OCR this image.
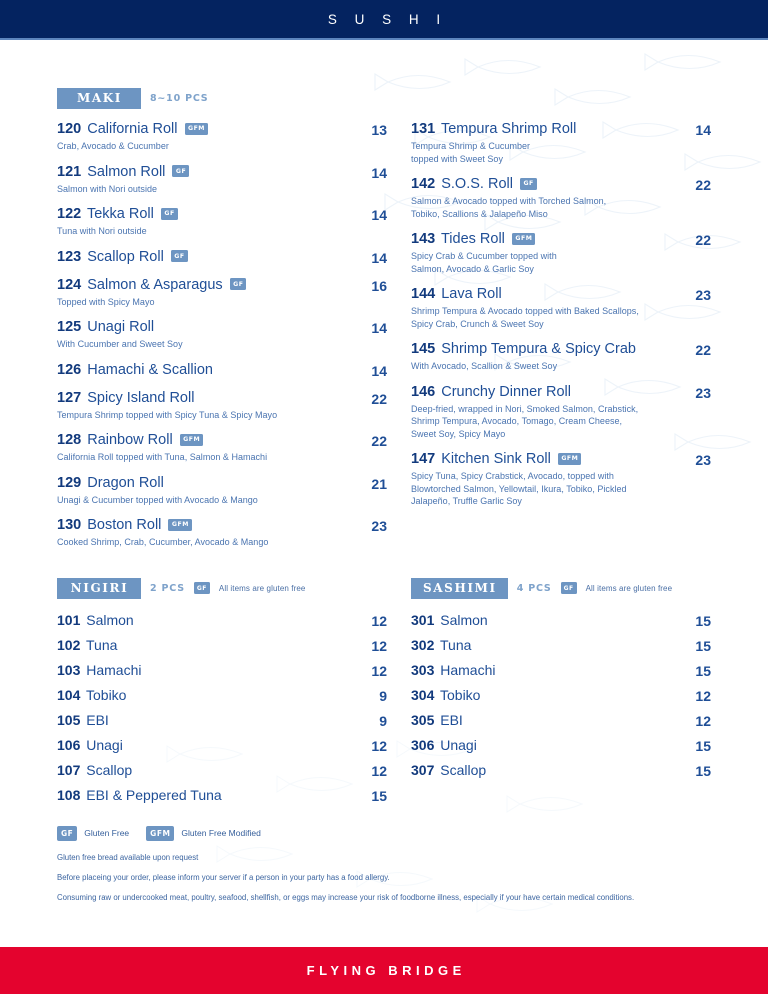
S U S H I
MAKI	8~10 PCS
120 California Roll GFM
Crab, Avocado & Cucumber
13
121 Salmon Roll GF
Salmon with Nori outside
14
122 Tekka Roll GF
Tuna with Nori outside
14
123 Scallop Roll GF	14
124 Salmon & Asparagus GF
Topped with Spicy Mayo
16
125 Unagi Roll
With Cucumber and Sweet Soy
14
126 Hamachi & Scallion	14
127 Spicy Island Roll
Tempura Shrimp topped with Spicy Tuna & Spicy Mayo
22
128 Rainbow Roll GFM
California Roll topped with Tuna, Salmon & Hamachi
22
129 Dragon Roll
Unagi & Cucumber topped with Avocado & Mango
21
130 Boston Roll GFM
Cooked Shrimp, Crab, Cucumber, Avocado & Mango
23
131 Tempura Shrimp Roll
Tempura Shrimp & Cucumber
topped with Sweet Soy
14
142 S.O.S. Roll GF
Salmon & Avocado topped with Torched Salmon,
Tobiko, Scallions & Jalapeño Miso
22
143 Tides Roll GFM
Spicy Crab & Cucumber topped with
Salmon, Avocado & Garlic Soy
22
144 Lava Roll
Shrimp Tempura & Avocado topped with Baked Scallops,
Spicy Crab, Crunch & Sweet Soy
23
145 Shrimp Tempura & Spicy Crab
With Avocado, Scallion & Sweet Soy
22
146 Crunchy Dinner Roll
Deep-fried, wrapped in Nori, Smoked Salmon, Crabstick,
Shrimp Tempura, Avocado, Tomago, Cream Cheese,
Sweet Soy, Spicy Mayo
23
147 Kitchen Sink Roll GFM
Spicy Tuna, Spicy Crabstick, Avocado, topped with
Blowtorched Salmon, Yellowtail, Ikura, Tobiko, Pickled
Jalapeño, Truffle Garlic Soy
23
NIGIRI	2 PCS	GF	All items are gluten free	SASHIMI	4 PCS	GF	All items are gluten free
101 Salmon	12
102 Tuna	12
103 Hamachi	12
104 Tobiko	9
105 EBI	9
106 Unagi	12
107 Scallop	12
108 EBI & Peppered Tuna	15
301 Salmon	15
302 Tuna	15
303 Hamachi	15
304 Tobiko	12
305 EBI	12
306 Unagi	15
307 Scallop	15
GF	Gluten Free	GFM	Gluten Free Modified
Gluten free bread available upon request
Before placeing your order, please inform your server if a person in your party has a food allergy.
Consuming raw or undercooked meat, poultry, seafood, shellfish, or eggs may increase your risk of foodborne illness, especially if your have certain medical conditions.
FLYING BRIDGE
